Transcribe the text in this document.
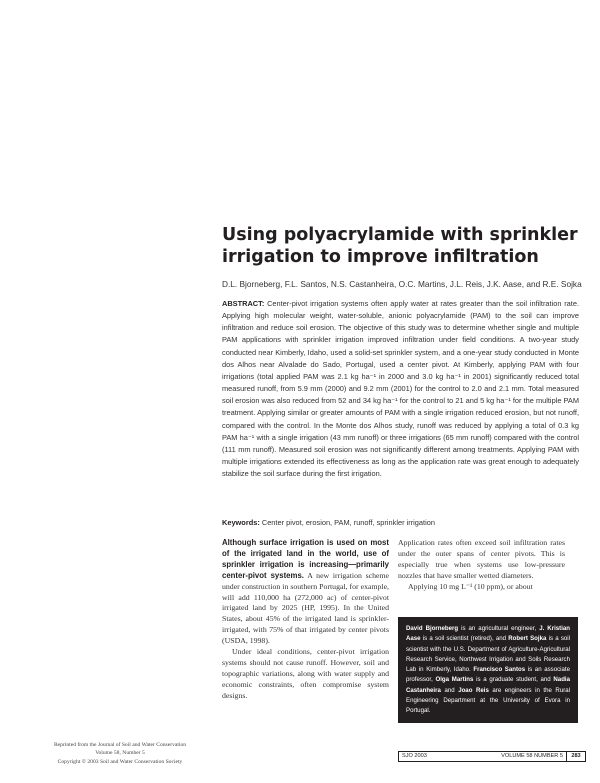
Using polyacrylamide with sprinkler irrigation to improve infiltration

D.L. Bjorneberg, F.L. Santos, N.S. Castanheira, O.C. Martins, J.L. Reis, J.K. Aase, and R.E. Sojka

ABSTRACT: Center-pivot irrigation systems often apply water at rates greater than the soil infiltration rate. Applying high molecular weight, water-soluble, anionic polyacrylamide (PAM) to the soil can improve infiltration and reduce soil erosion. The objective of this study was to determine whether single and multiple PAM applications with sprinkler irrigation improved infiltration under field conditions. A two-year study conducted near Kimberly, Idaho, used a solid-set sprinkler system, and a one-year study conducted in Monte dos Alhos near Alvalade do Sado, Portugal, used a center pivot. At Kimberly, applying PAM with four irrigations (total applied PAM was 2.1 kg ha⁻¹ in 2000 and 3.0 kg ha⁻¹ in 2001) significantly reduced total measured runoff, from 5.9 mm (2000) and 9.2 mm (2001) for the control to 2.0 and 2.1 mm. Total measured soil erosion was also reduced from 52 and 34 kg ha⁻¹ for the control to 21 and 5 kg ha⁻¹ for the multiple PAM treatment. Applying similar or greater amounts of PAM with a single irrigation reduced erosion, but not runoff, compared with the control. In the Monte dos Alhos study, runoff was reduced by applying a total of 0.3 kg PAM ha⁻¹ with a single irrigation (43 mm runoff) or three irrigations (65 mm runoff) compared with the control (111 mm runoff). Measured soil erosion was not significantly different among treatments. Applying PAM with multiple irrigations extended its effectiveness as long as the application rate was great enough to adequately stabilize the soil surface during the first irrigation.

Keywords: Center pivot, erosion, PAM, runoff, sprinkler irrigation

Although surface irrigation is used on most of the irrigated land in the world, use of sprinkler irrigation is increasing—primarily center-pivot systems. A new irrigation scheme under construction in southern Portugal, for example, will add 110,000 ha (272,000 ac) of center-pivot irrigated land by 2025 (HP, 1995). In the United States, about 45% of the irrigated land is sprinkler-irrigated, with 75% of that irrigated by center pivots (USDA, 1998).

Under ideal conditions, center-pivot irrigation systems should not cause runoff. However, soil and topographic variations, along with water supply and economic constraints, often compromise system designs.

Application rates often exceed soil infiltration rates under the outer spans of center pivots. This is especially true when systems use low-pressure nozzles that have smaller wetted diameters.

Applying 10 mg L⁻¹ (10 ppm), or about

David Bjorneberg is an agricultural engineer, J. Kristian Aase is a soil scientist (retired), and Robert Sojka is a soil scientist with the U.S. Department of Agriculture-Agricultural Research Service, Northwest Irrigation and Soils Research Lab in Kimberly, Idaho. Francisco Santos is an associate professor, Olga Martins is a graduate student, and Nadia Castanheira and Joao Reis are engineers in the Rural Engineering Department at the University of Evora in Portugal.

Reprinted from the Journal of Soil and Water Conservation
Volume 58, Number 5
Copyright © 2003 Soil and Water Conservation Society
SJO 2003	VOLUME 58 NUMBER 5	283
